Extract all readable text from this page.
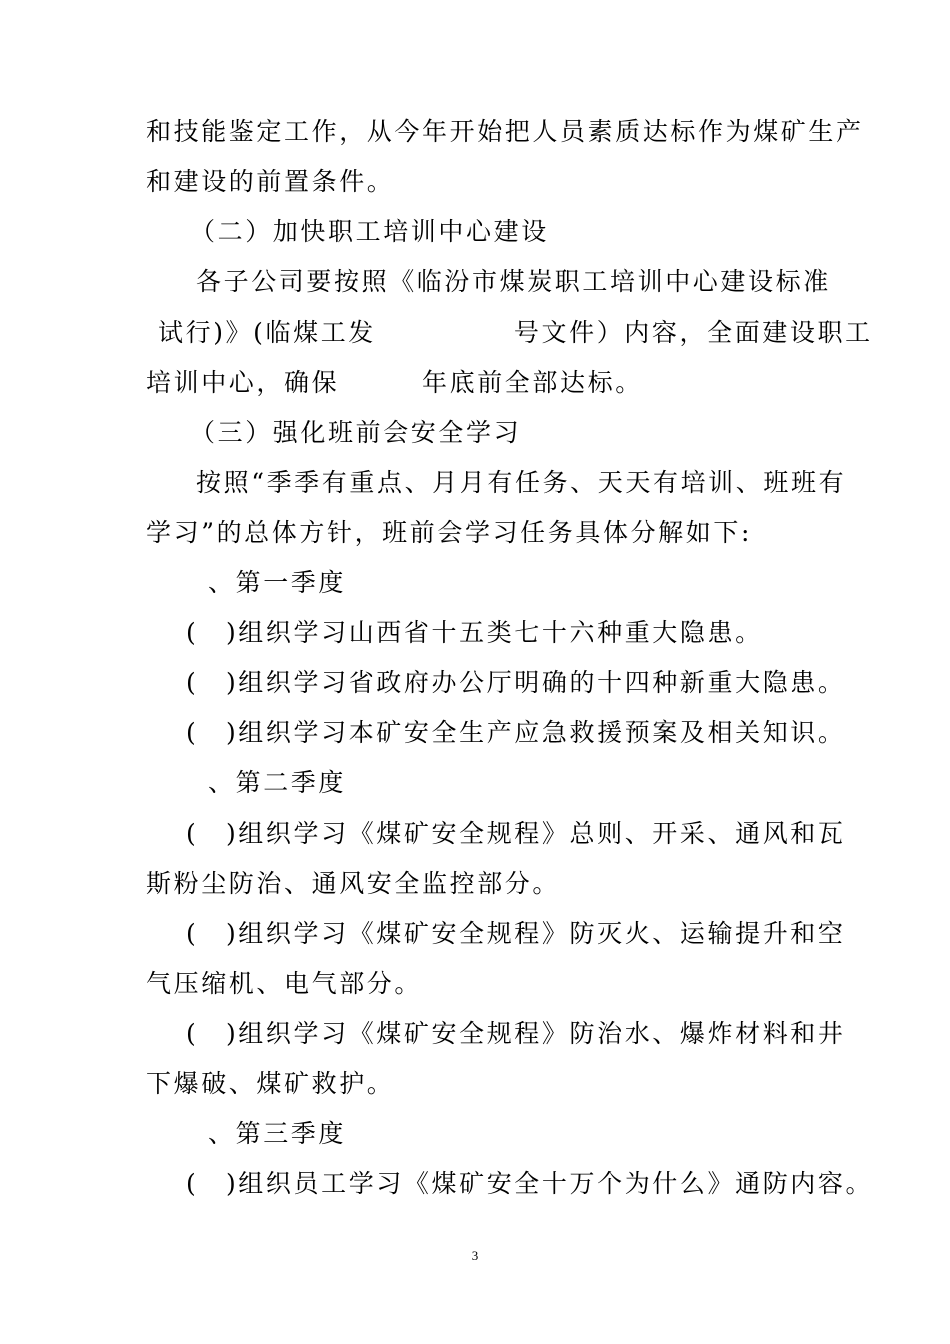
和技能鉴定工作，从今年开始把人员素质达标作为煤矿生产
和建设的前置条件。
（二）加快职工培训中心建设
各子公司要按照《临汾市煤炭职工培训中心建设标准
试行)》(临煤工发　　　　　号文件）内容，全面建设职工
培训中心，确保　　　年底前全部达标。
（三）强化班前会安全学习
按照“季季有重点、月月有任务、天天有培训、班班有
学习”的总体方针，班前会学习任务具体分解如下:
、第一季度
(　)组织学习山西省十五类七十六种重大隐患。
(　)组织学习省政府办公厅明确的十四种新重大隐患。
(　)组织学习本矿安全生产应急救援预案及相关知识。
、第二季度
(　)组织学习《煤矿安全规程》总则、开采、通风和瓦
斯粉尘防治、通风安全监控部分。
(　)组织学习《煤矿安全规程》防灭火、运输提升和空
气压缩机、电气部分。
(　)组织学习《煤矿安全规程》防治水、爆炸材料和井
下爆破、煤矿救护。
、第三季度
(　)组织员工学习《煤矿安全十万个为什么》通防内容。
3
